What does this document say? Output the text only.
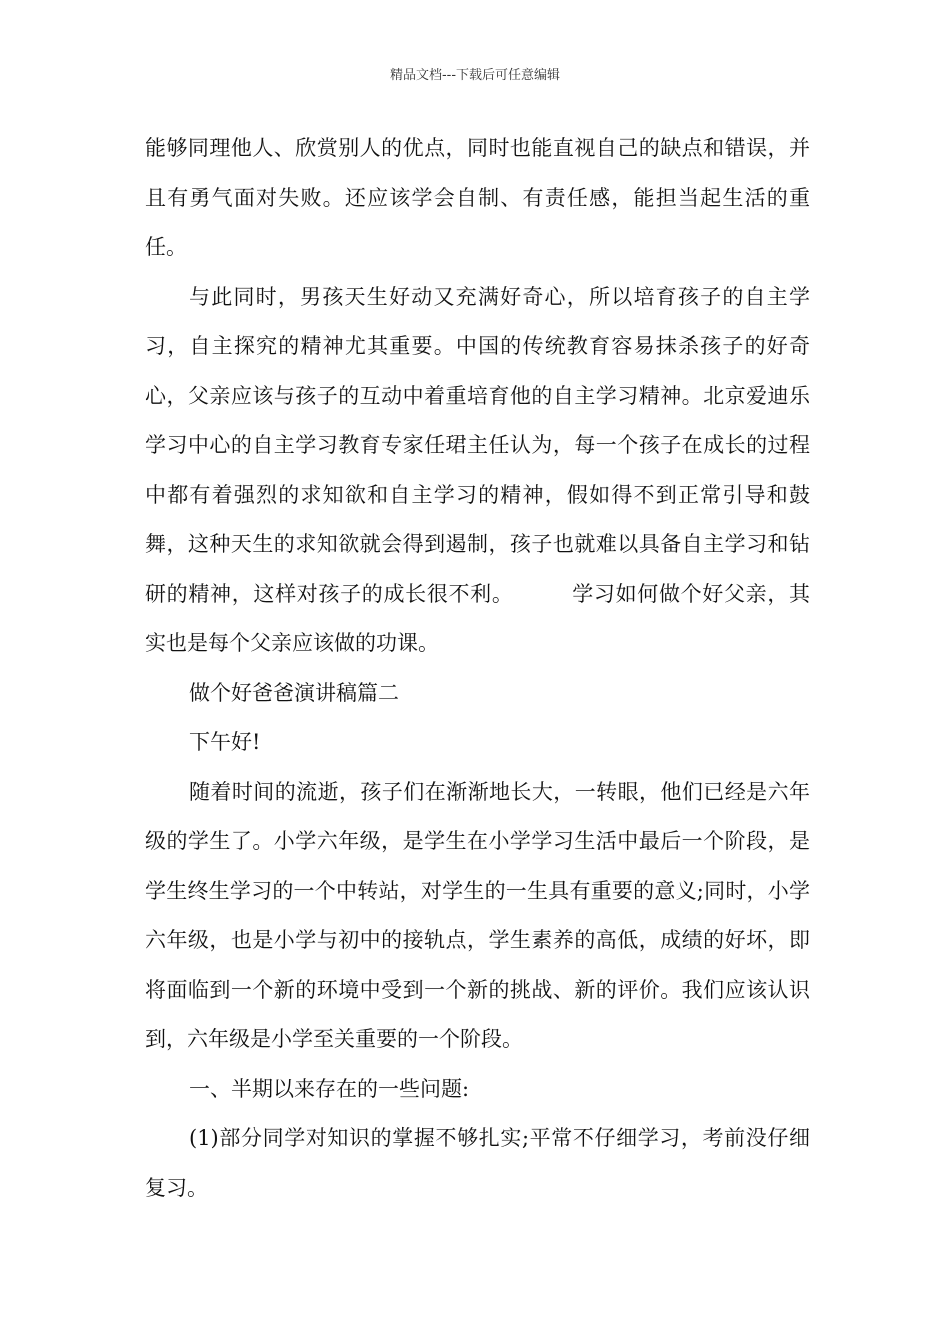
精品文档---下载后可任意编辑

能够同理他人、欣赏别人的优点，同时也能直视自己的缺点和错误，并且有勇气面对失败。还应该学会自制、有责任感，能担当起生活的重任。

与此同时，男孩天生好动又充满好奇心，所以培育孩子的自主学习，自主探究的精神尤其重要。中国的传统教育容易抹杀孩子的好奇心，父亲应该与孩子的互动中着重培育他的自主学习精神。北京爱迪乐学习中心的自主学习教育专家任珺主任认为，每一个孩子在成长的过程中都有着强烈的求知欲和自主学习的精神，假如得不到正常引导和鼓舞，这种天生的求知欲就会得到遏制，孩子也就难以具备自主学习和钻研的精神，这样对孩子的成长很不利。	学习如何做个好父亲，其实也是每个父亲应该做的功课。

做个好爸爸演讲稿篇二

下午好!

随着时间的流逝，孩子们在渐渐地长大，一转眼，他们已经是六年级的学生了。小学六年级，是学生在小学学习生活中最后一个阶段，是学生终生学习的一个中转站，对学生的一生具有重要的意义;同时，小学六年级，也是小学与初中的接轨点，学生素养的高低，成绩的好坏，即将面临到一个新的环境中受到一个新的挑战、新的评价。我们应该认识到，六年级是小学至关重要的一个阶段。

一、半期以来存在的一些问题:

(1)部分同学对知识的掌握不够扎实;平常不仔细学习，考前没仔细复习。
